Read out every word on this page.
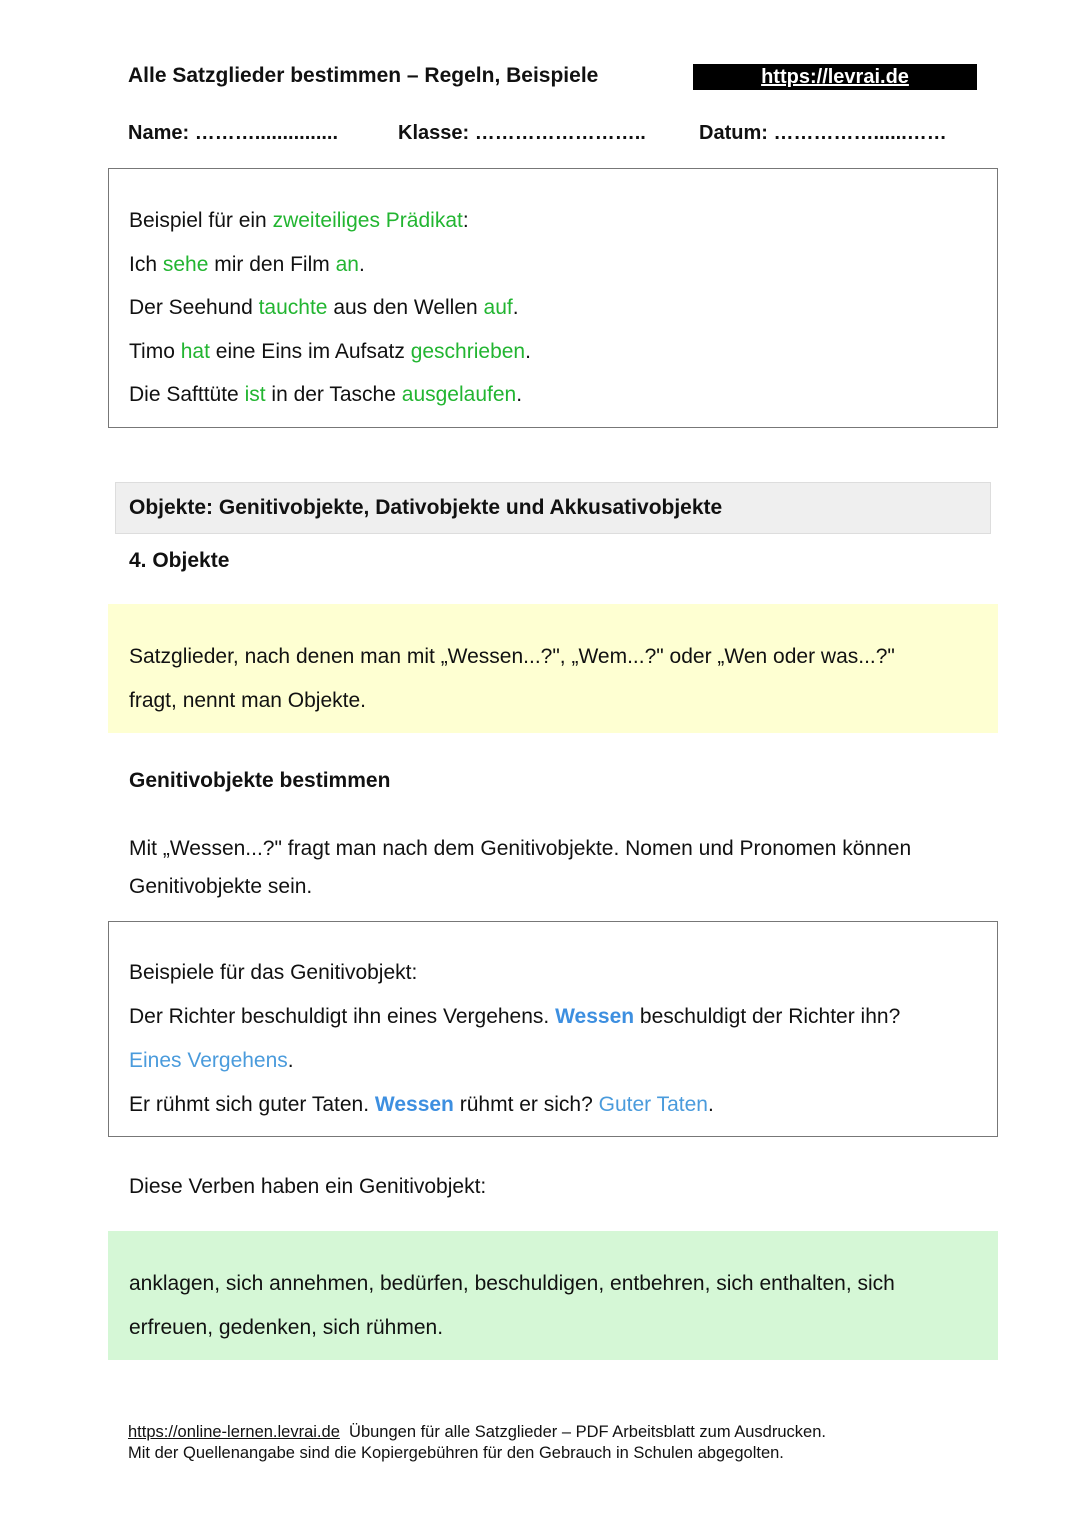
Alle Satzglieder bestimmen – Regeln, Beispiele	https://levrai.de
Name: ………...............	Klasse: ……………………..	Datum: ……………......……
Beispiel für ein zweiteiliges Prädikat:
Ich sehe mir den Film an.
Der Seehund tauchte aus den Wellen auf.
Timo hat eine Eins im Aufsatz geschrieben.
Die Safttüte ist in der Tasche ausgelaufen.
Objekte: Genitivobjekte, Dativobjekte und Akkusativobjekte
4. Objekte
Satzglieder, nach denen man mit „Wessen...?", „Wem...?" oder „Wen oder was...?"
fragt, nennt man Objekte.
Genitivobjekte bestimmen
Mit „Wessen...?" fragt man nach dem Genitivobjekte. Nomen und Pronomen können
Genitivobjekte sein.
Beispiele für das Genitivobjekt:
Der Richter beschuldigt ihn eines Vergehens. Wessen beschuldigt der Richter ihn?
Eines Vergehens.
Er rühmt sich guter Taten. Wessen rühmt er sich? Guter Taten.
Diese Verben haben ein Genitivobjekt:
anklagen, sich annehmen, bedürfen, beschuldigen, entbehren, sich enthalten, sich
erfreuen, gedenken, sich rühmen.
https://online-lernen.levrai.de  Übungen für alle Satzglieder – PDF Arbeitsblatt zum Ausdrucken.
Mit der Quellenangabe sind die Kopiergebühren für den Gebrauch in Schulen abgegolten.
